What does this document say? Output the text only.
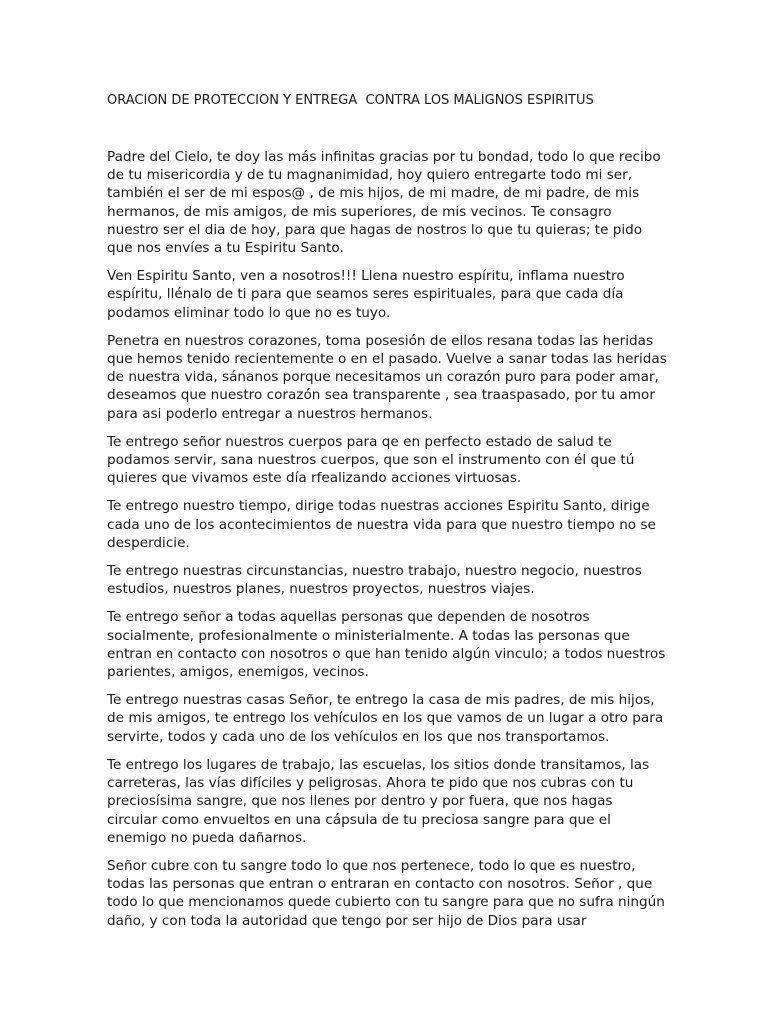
ORACION DE PROTECCION Y ENTREGA  CONTRA LOS MALIGNOS ESPIRITUS

Padre del Cielo, te doy las más infinitas gracias por tu bondad, todo lo que recibo de tu misericordia y de tu magnanimidad, hoy quiero entregarte todo mi ser, también el ser de mi espos@ , de mis hijos, de mi madre, de mi padre, de mis hermanos, de mis amigos, de mis superiores, de mis vecinos. Te consagro nuestro ser el dia de hoy, para que hagas de nostros lo que tu quieras; te pido que nos envíes a tu Espiritu Santo.

Ven Espiritu Santo, ven a nosotros!!! Llena nuestro espíritu, inflama nuestro espíritu, llénalo de ti para que seamos seres espirituales, para que cada día podamos eliminar todo lo que no es tuyo.

Penetra en nuestros corazones, toma posesión de ellos resana todas las heridas que hemos tenido recientemente o en el pasado. Vuelve a sanar todas las heridas de nuestra vida, sánanos porque necesitamos un corazón puro para poder amar, deseamos que nuestro corazón sea transparente , sea traaspasado, por tu amor para asi poderlo entregar a nuestros hermanos.

Te entrego señor nuestros cuerpos para qe en perfecto estado de salud te podamos servir, sana nuestros cuerpos, que son el instrumento con él que tú quieres que vivamos este día rfealizando acciones virtuosas.

Te entrego nuestro tiempo, dirige todas nuestras acciones Espiritu Santo, dirige cada uno de los acontecimientos de nuestra vida para que nuestro tiempo no se desperdicie.

Te entrego nuestras circunstancias, nuestro trabajo, nuestro negocio, nuestros estudios, nuestros planes, nuestros proyectos, nuestros viajes.

Te entrego señor a todas aquellas personas que dependen de nosotros socialmente, profesionalmente o ministerialmente. A todas las personas que entran en contacto con nosotros o que han tenido algún vinculo; a todos nuestros parientes, amigos, enemigos, vecinos.

Te entrego nuestras casas Señor, te entrego la casa de mis padres, de mis hijos, de mis amigos, te entrego los vehículos en los que vamos de un lugar a otro para servirte, todos y cada uno de los vehículos en los que nos transportamos.

Te entrego los lugares de trabajo, las escuelas, los sitios donde transitamos, las carreteras, las vías difíciles y peligrosas. Ahora te pido que nos cubras con tu preciosísima sangre, que nos llenes por dentro y por fuera, que nos hagas circular como envueltos en una cápsula de tu preciosa sangre para que el enemigo no pueda dañarnos.

Señor cubre con tu sangre todo lo que nos pertenece, todo lo que es nuestro, todas las personas que entran o entraran en contacto con nosotros. Señor , que todo lo que mencionamos quede cubierto con tu sangre para que no sufra ningún daño, y con toda la autoridad que tengo por ser hijo de Dios para usar
